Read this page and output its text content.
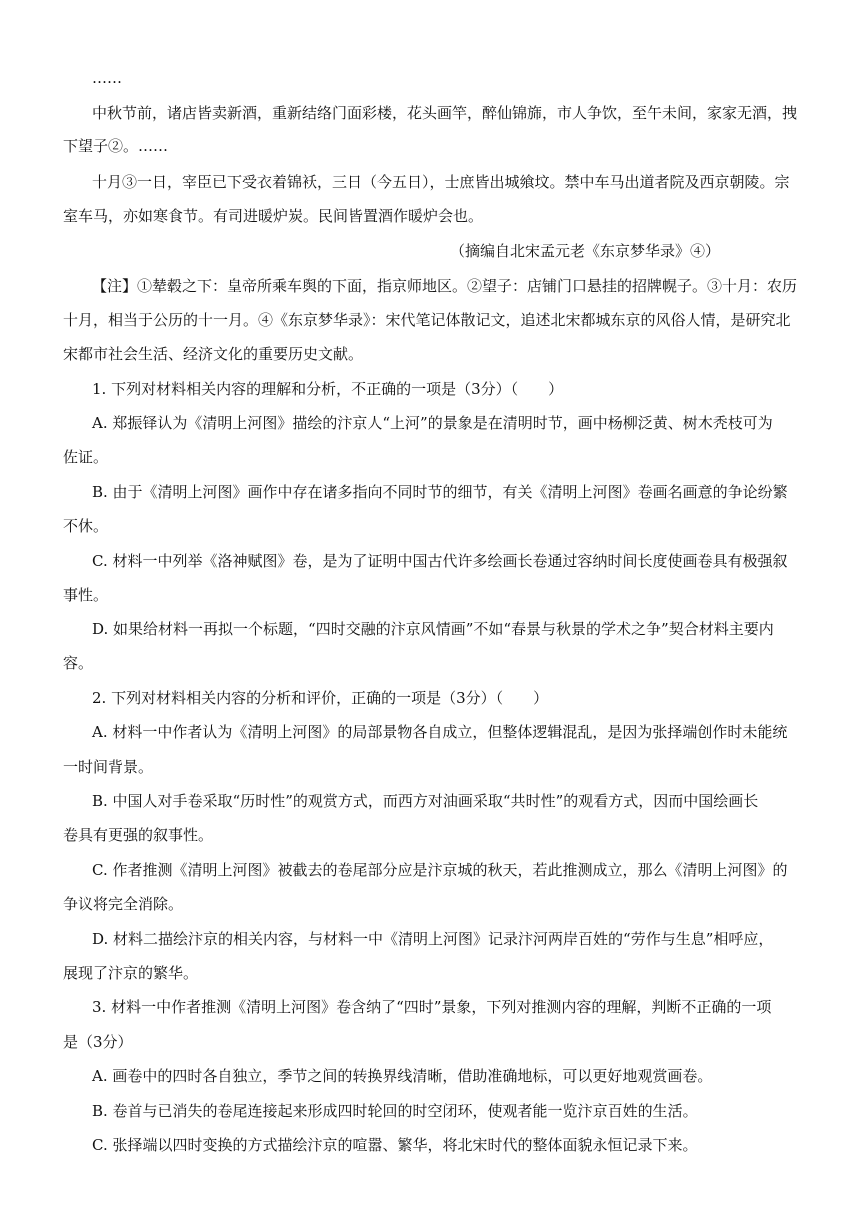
……
中秋节前，诸店皆卖新酒，重新结络门面彩楼，花头画竿，醉仙锦旆，市人争饮，至午未间，家家无酒，拽
下望子②。……
十月③一日，宰臣已下受衣着锦袄，三日（今五日），士庶皆出城飨坟。禁中车马出道者院及西京朝陵。宗
室车马，亦如寒食节。有司进暖炉炭。民间皆置酒作暖炉会也。
（摘编自北宋孟元老《东京梦华录》④）
【注】①辇毂之下：皇帝所乘车舆的下面，指京师地区。②望子：店铺门口悬挂的招牌幌子。③十月：农历
十月，相当于公历的十一月。④《东京梦华录》：宋代笔记体散记文，追述北宋都城东京的风俗人情，是研究北
宋都市社会生活、经济文化的重要历史文献。
1. 下列对材料相关内容的理解和分析，不正确的一项是（3分）（　　）
A. 郑振铎认为《清明上河图》描绘的汴京人“上河”的景象是在清明时节，画中杨柳泛黄、树木秃枝可为
佐证。
B. 由于《清明上河图》画作中存在诸多指向不同时节的细节，有关《清明上河图》卷画名画意的争论纷繁
不休。
C. 材料一中列举《洛神赋图》卷，是为了证明中国古代许多绘画长卷通过容纳时间长度使画卷具有极强叙
事性。
D. 如果给材料一再拟一个标题，“四时交融的汴京风情画”不如“春景与秋景的学术之争”契合材料主要内
容。
2. 下列对材料相关内容的分析和评价，正确的一项是（3分）（　　）
A. 材料一中作者认为《清明上河图》的局部景物各自成立，但整体逻辑混乱，是因为张择端创作时未能统
一时间背景。
B. 中国人对手卷采取“历时性”的观赏方式，而西方对油画采取“共时性”的观看方式，因而中国绘画长
卷具有更强的叙事性。
C. 作者推测《清明上河图》被截去的卷尾部分应是汴京城的秋天，若此推测成立，那么《清明上河图》的
争议将完全消除。
D. 材料二描绘汴京的相关内容，与材料一中《清明上河图》记录汴河两岸百姓的“劳作与生息”相呼应，
展现了汴京的繁华。
3. 材料一中作者推测《清明上河图》卷含纳了“四时”景象，下列对推测内容的理解，判断不正确的一项
是（3分）
A. 画卷中的四时各自独立，季节之间的转换界线清晰，借助准确地标，可以更好地观赏画卷。
B. 卷首与已消失的卷尾连接起来形成四时轮回的时空闭环，使观者能一览汴京百姓的生活。
C. 张择端以四时变换的方式描绘汴京的喧嚣、繁华，将北宋时代的整体面貌永恒记录下来。
